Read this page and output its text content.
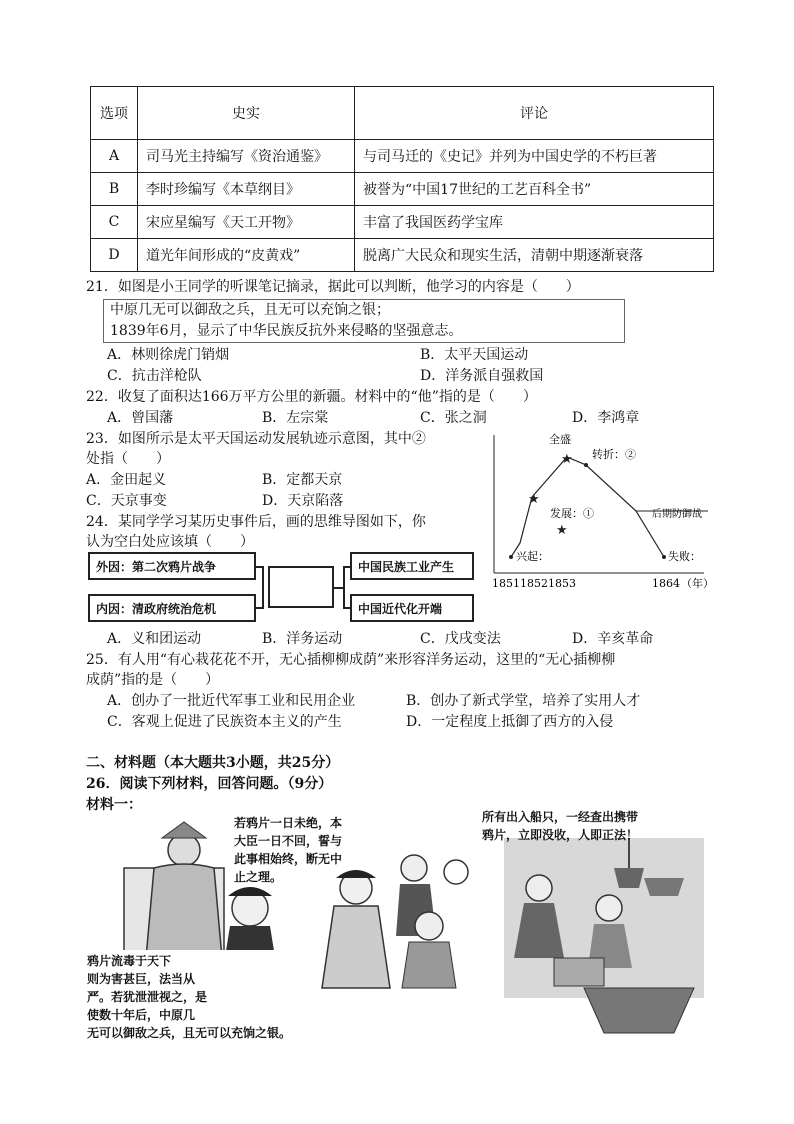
选项	史实	评论
A	司马光主持编写《资治通鉴》	与司马迁的《史记》并列为中国史学的不朽巨著
B	李时珍编写《本草纲目》	被誉为“中国17世纪的工艺百科全书”
C	宋应星编写《天工开物》	丰富了我国医药学宝库
D	道光年间形成的“皮黄戏”	脱离广大民众和现实生活，清朝中期逐渐衰落
21．如图是小王同学的听课笔记摘录，据此可以判断，他学习的内容是（　　）
中原几无可以御敌之兵，且无可以充饷之银；
1839年6月，显示了中华民族反抗外来侵略的坚强意志。
A．林则徐虎门销烟	B．太平天国运动
C．抗击洋枪队	D．洋务派自强救国
22．收复了面积达166万平方公里的新疆。材料中的“他”指的是（　　）
A．曾国藩	B．左宗棠	C．张之洞	D．李鸿章
23．如图所示是太平天国运动发展轨迹示意图，其中②
处指（　　）
A．金田起义	B．定都天京
C．天京事变	D．天京陷落
★
★
★
全盛
转折：②
发展：①	后期防御战
兴起：	失败：
1851 1852 1853	1864 （年）
24．某同学学习某历史事件后，画的思维导图如下，你
认为空白处应该填（　　）
外因：第二次鸦片战争
内因：清政府统治危机
中国民族工业产生
中国近代化开端
A．义和团运动	B．洋务运动	C．戊戌变法	D．辛亥革命
25．有人用“有心栽花花不开，无心插柳柳成荫”来形容洋务运动，这里的“无心插柳柳
成荫”指的是（　　）
A．创办了一批近代军事工业和民用企业	B．创办了新式学堂，培养了实用人才
C．客观上促进了民族资本主义的产生	D．一定程度上抵御了西方的入侵
二、材料题（本大题共3小题，共25分）
26．阅读下列材料，回答问题。（9分）
材料一：
若鸦片一日未绝，本
大臣一日不回，誓与
此事相始终，断无中
止之理。
所有出入船只，一经查出携带
鸦片，立即没收，人即正法！
鸦片流毒于天下
则为害甚巨，法当从
严。若犹泄泄视之，是
使数十年后，中原几
无可以御敌之兵，且无可以充饷之银。
